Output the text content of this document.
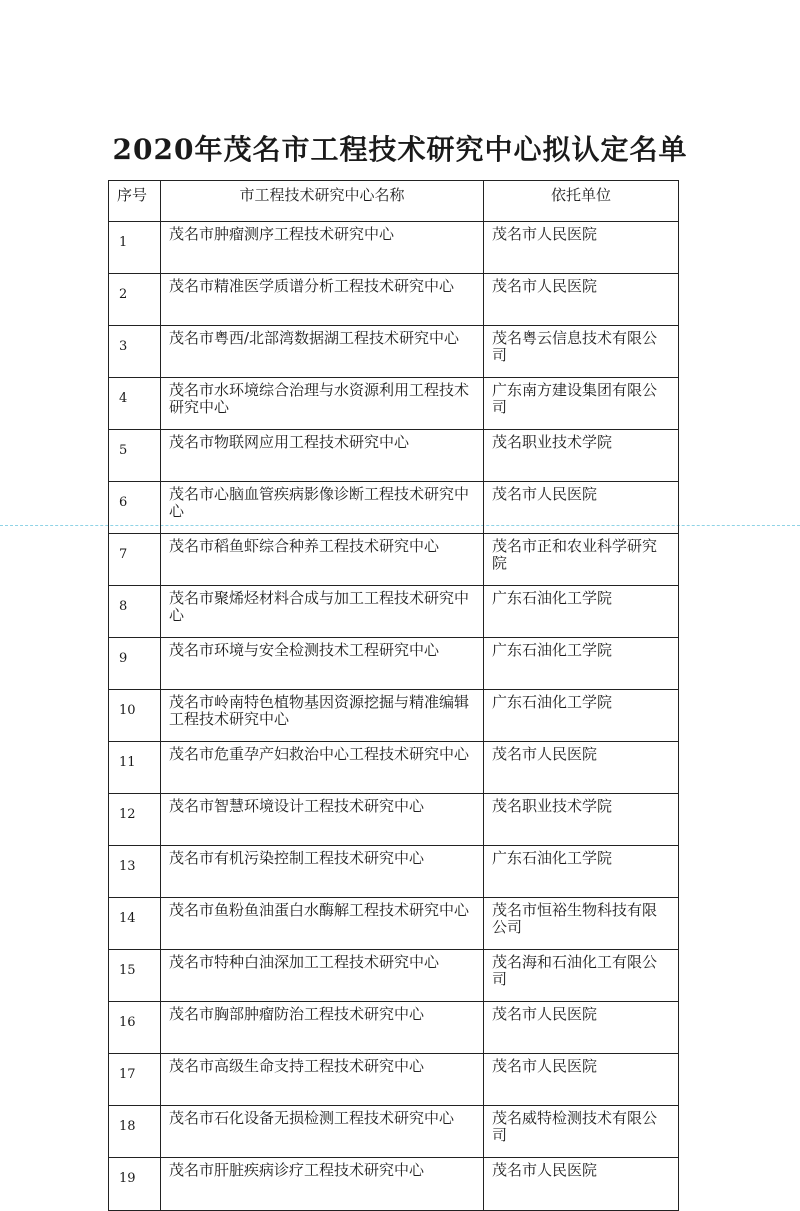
2020年茂名市工程技术研究中心拟认定名单
序号	市工程技术研究中心名称	依托单位
1	茂名市肿瘤测序工程技术研究中心	茂名市人民医院
2	茂名市精准医学质谱分析工程技术研究中心	茂名市人民医院
3	茂名市粤西/北部湾数据湖工程技术研究中心	茂名粤云信息技术有限公司
4	茂名市水环境综合治理与水资源利用工程技术研究中心	广东南方建设集团有限公司
5	茂名市物联网应用工程技术研究中心	茂名职业技术学院
6	茂名市心脑血管疾病影像诊断工程技术研究中心	茂名市人民医院
7	茂名市稻鱼虾综合种养工程技术研究中心	茂名市正和农业科学研究院
8	茂名市聚烯烃材料合成与加工工程技术研究中心	广东石油化工学院
9	茂名市环境与安全检测技术工程研究中心	广东石油化工学院
10	茂名市岭南特色植物基因资源挖掘与精准编辑工程技术研究中心	广东石油化工学院
11	茂名市危重孕产妇救治中心工程技术研究中心	茂名市人民医院
12	茂名市智慧环境设计工程技术研究中心	茂名职业技术学院
13	茂名市有机污染控制工程技术研究中心	广东石油化工学院
14	茂名市鱼粉鱼油蛋白水酶解工程技术研究中心	茂名市恒裕生物科技有限公司
15	茂名市特种白油深加工工程技术研究中心	茂名海和石油化工有限公司
16	茂名市胸部肿瘤防治工程技术研究中心	茂名市人民医院
17	茂名市高级生命支持工程技术研究中心	茂名市人民医院
18	茂名市石化设备无损检测工程技术研究中心	茂名威特检测技术有限公司
19	茂名市肝脏疾病诊疗工程技术研究中心	茂名市人民医院
